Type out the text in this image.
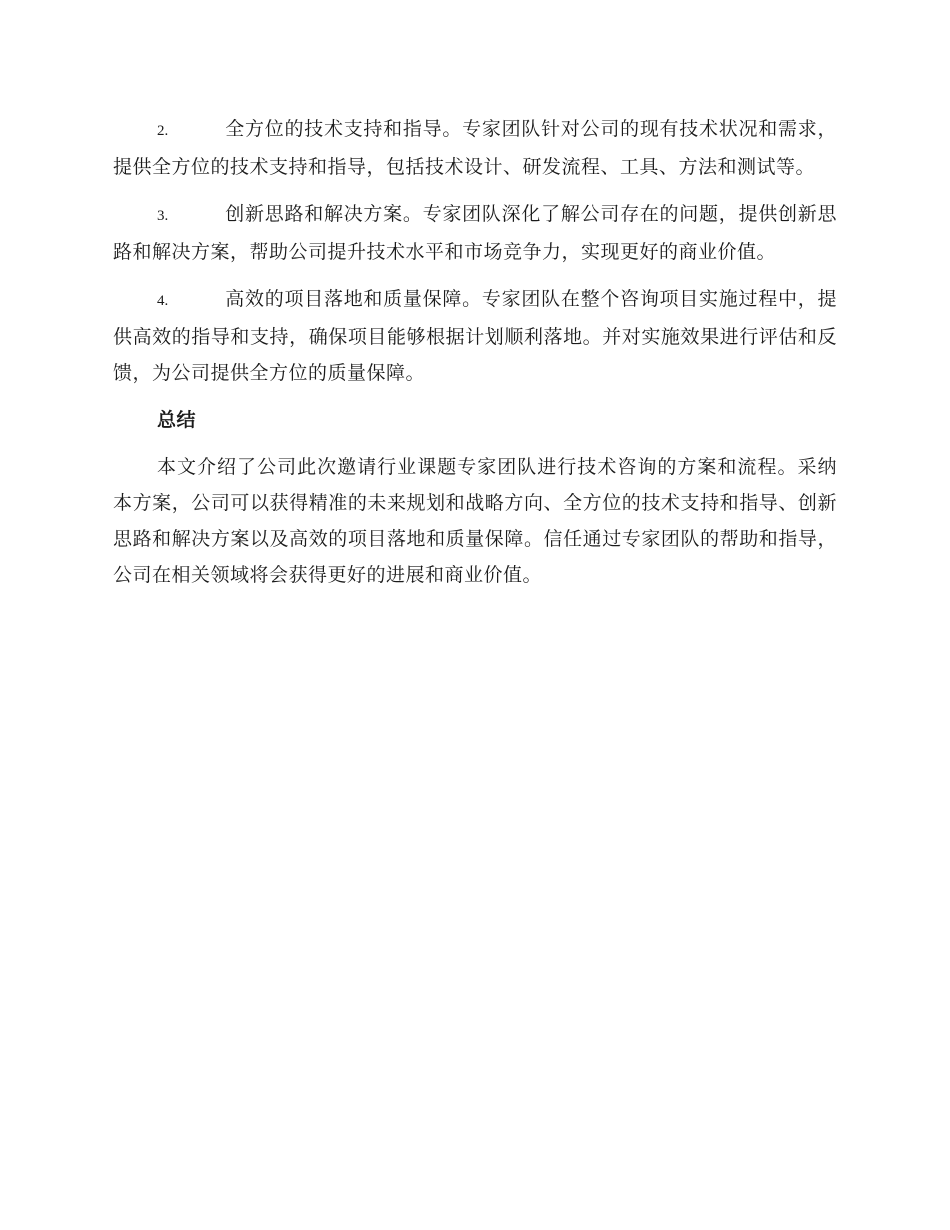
2.	全方位的技术支持和指导。专家团队针对公司的现有技术状况和需求，提供全方位的技术支持和指导，包括技术设计、研发流程、工具、方法和测试等。

3.	创新思路和解决方案。专家团队深化了解公司存在的问题，提供创新思路和解决方案，帮助公司提升技术水平和市场竞争力，实现更好的商业价值。

4.	高效的项目落地和质量保障。专家团队在整个咨询项目实施过程中，提供高效的指导和支持，确保项目能够根据计划顺利落地。并对实施效果进行评估和反馈，为公司提供全方位的质量保障。

总结

本文介绍了公司此次邀请行业课题专家团队进行技术咨询的方案和流程。采纳本方案，公司可以获得精准的未来规划和战略方向、全方位的技术支持和指导、创新思路和解决方案以及高效的项目落地和质量保障。信任通过专家团队的帮助和指导，公司在相关领域将会获得更好的进展和商业价值。
